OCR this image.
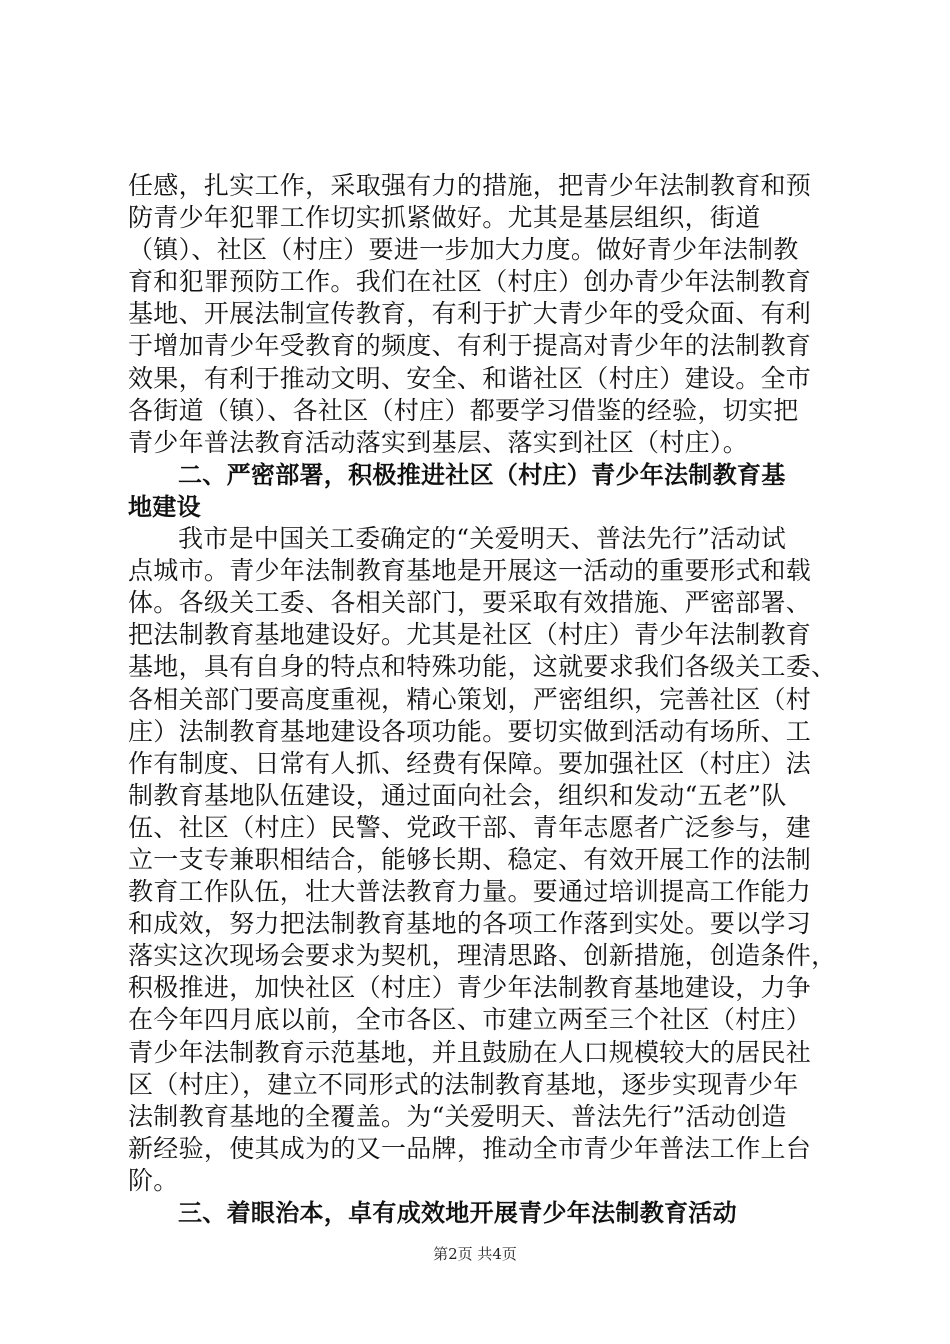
任感，扎实工作，采取强有力的措施，把青少年法制教育和预
防青少年犯罪工作切实抓紧做好。尤其是基层组织，街道
（镇）、社区（村庄）要进一步加大力度。做好青少年法制教
育和犯罪预防工作。我们在社区（村庄）创办青少年法制教育
基地、开展法制宣传教育，有利于扩大青少年的受众面、有利
于增加青少年受教育的频度、有利于提高对青少年的法制教育
效果，有利于推动文明、安全、和谐社区（村庄）建设。全市
各街道（镇）、各社区（村庄）都要学习借鉴的经验，切实把
青少年普法教育活动落实到基层、落实到社区（村庄）。
二、严密部署，积极推进社区（村庄）青少年法制教育基
地建设
我市是中国关工委确定的“关爱明天、普法先行”活动试
点城市。青少年法制教育基地是开展这一活动的重要形式和载
体。各级关工委、各相关部门，要采取有效措施、严密部署、
把法制教育基地建设好。尤其是社区（村庄）青少年法制教育
基地，具有自身的特点和特殊功能，这就要求我们各级关工委、
各相关部门要高度重视，精心策划，严密组织，完善社区（村
庄）法制教育基地建设各项功能。要切实做到活动有场所、工
作有制度、日常有人抓、经费有保障。要加强社区（村庄）法
制教育基地队伍建设，通过面向社会，组织和发动“五老”队
伍、社区（村庄）民警、党政干部、青年志愿者广泛参与，建
立一支专兼职相结合，能够长期、稳定、有效开展工作的法制
教育工作队伍，壮大普法教育力量。要通过培训提高工作能力
和成效，努力把法制教育基地的各项工作落到实处。要以学习
落实这次现场会要求为契机，理清思路、创新措施，创造条件，
积极推进，加快社区（村庄）青少年法制教育基地建设，力争
在今年四月底以前，全市各区、市建立两至三个社区（村庄）
青少年法制教育示范基地，并且鼓励在人口规模较大的居民社
区（村庄），建立不同形式的法制教育基地，逐步实现青少年
法制教育基地的全覆盖。为“关爱明天、普法先行”活动创造
新经验，使其成为的又一品牌，推动全市青少年普法工作上台
阶。
三、着眼治本，卓有成效地开展青少年法制教育活动
第2页 共4页
